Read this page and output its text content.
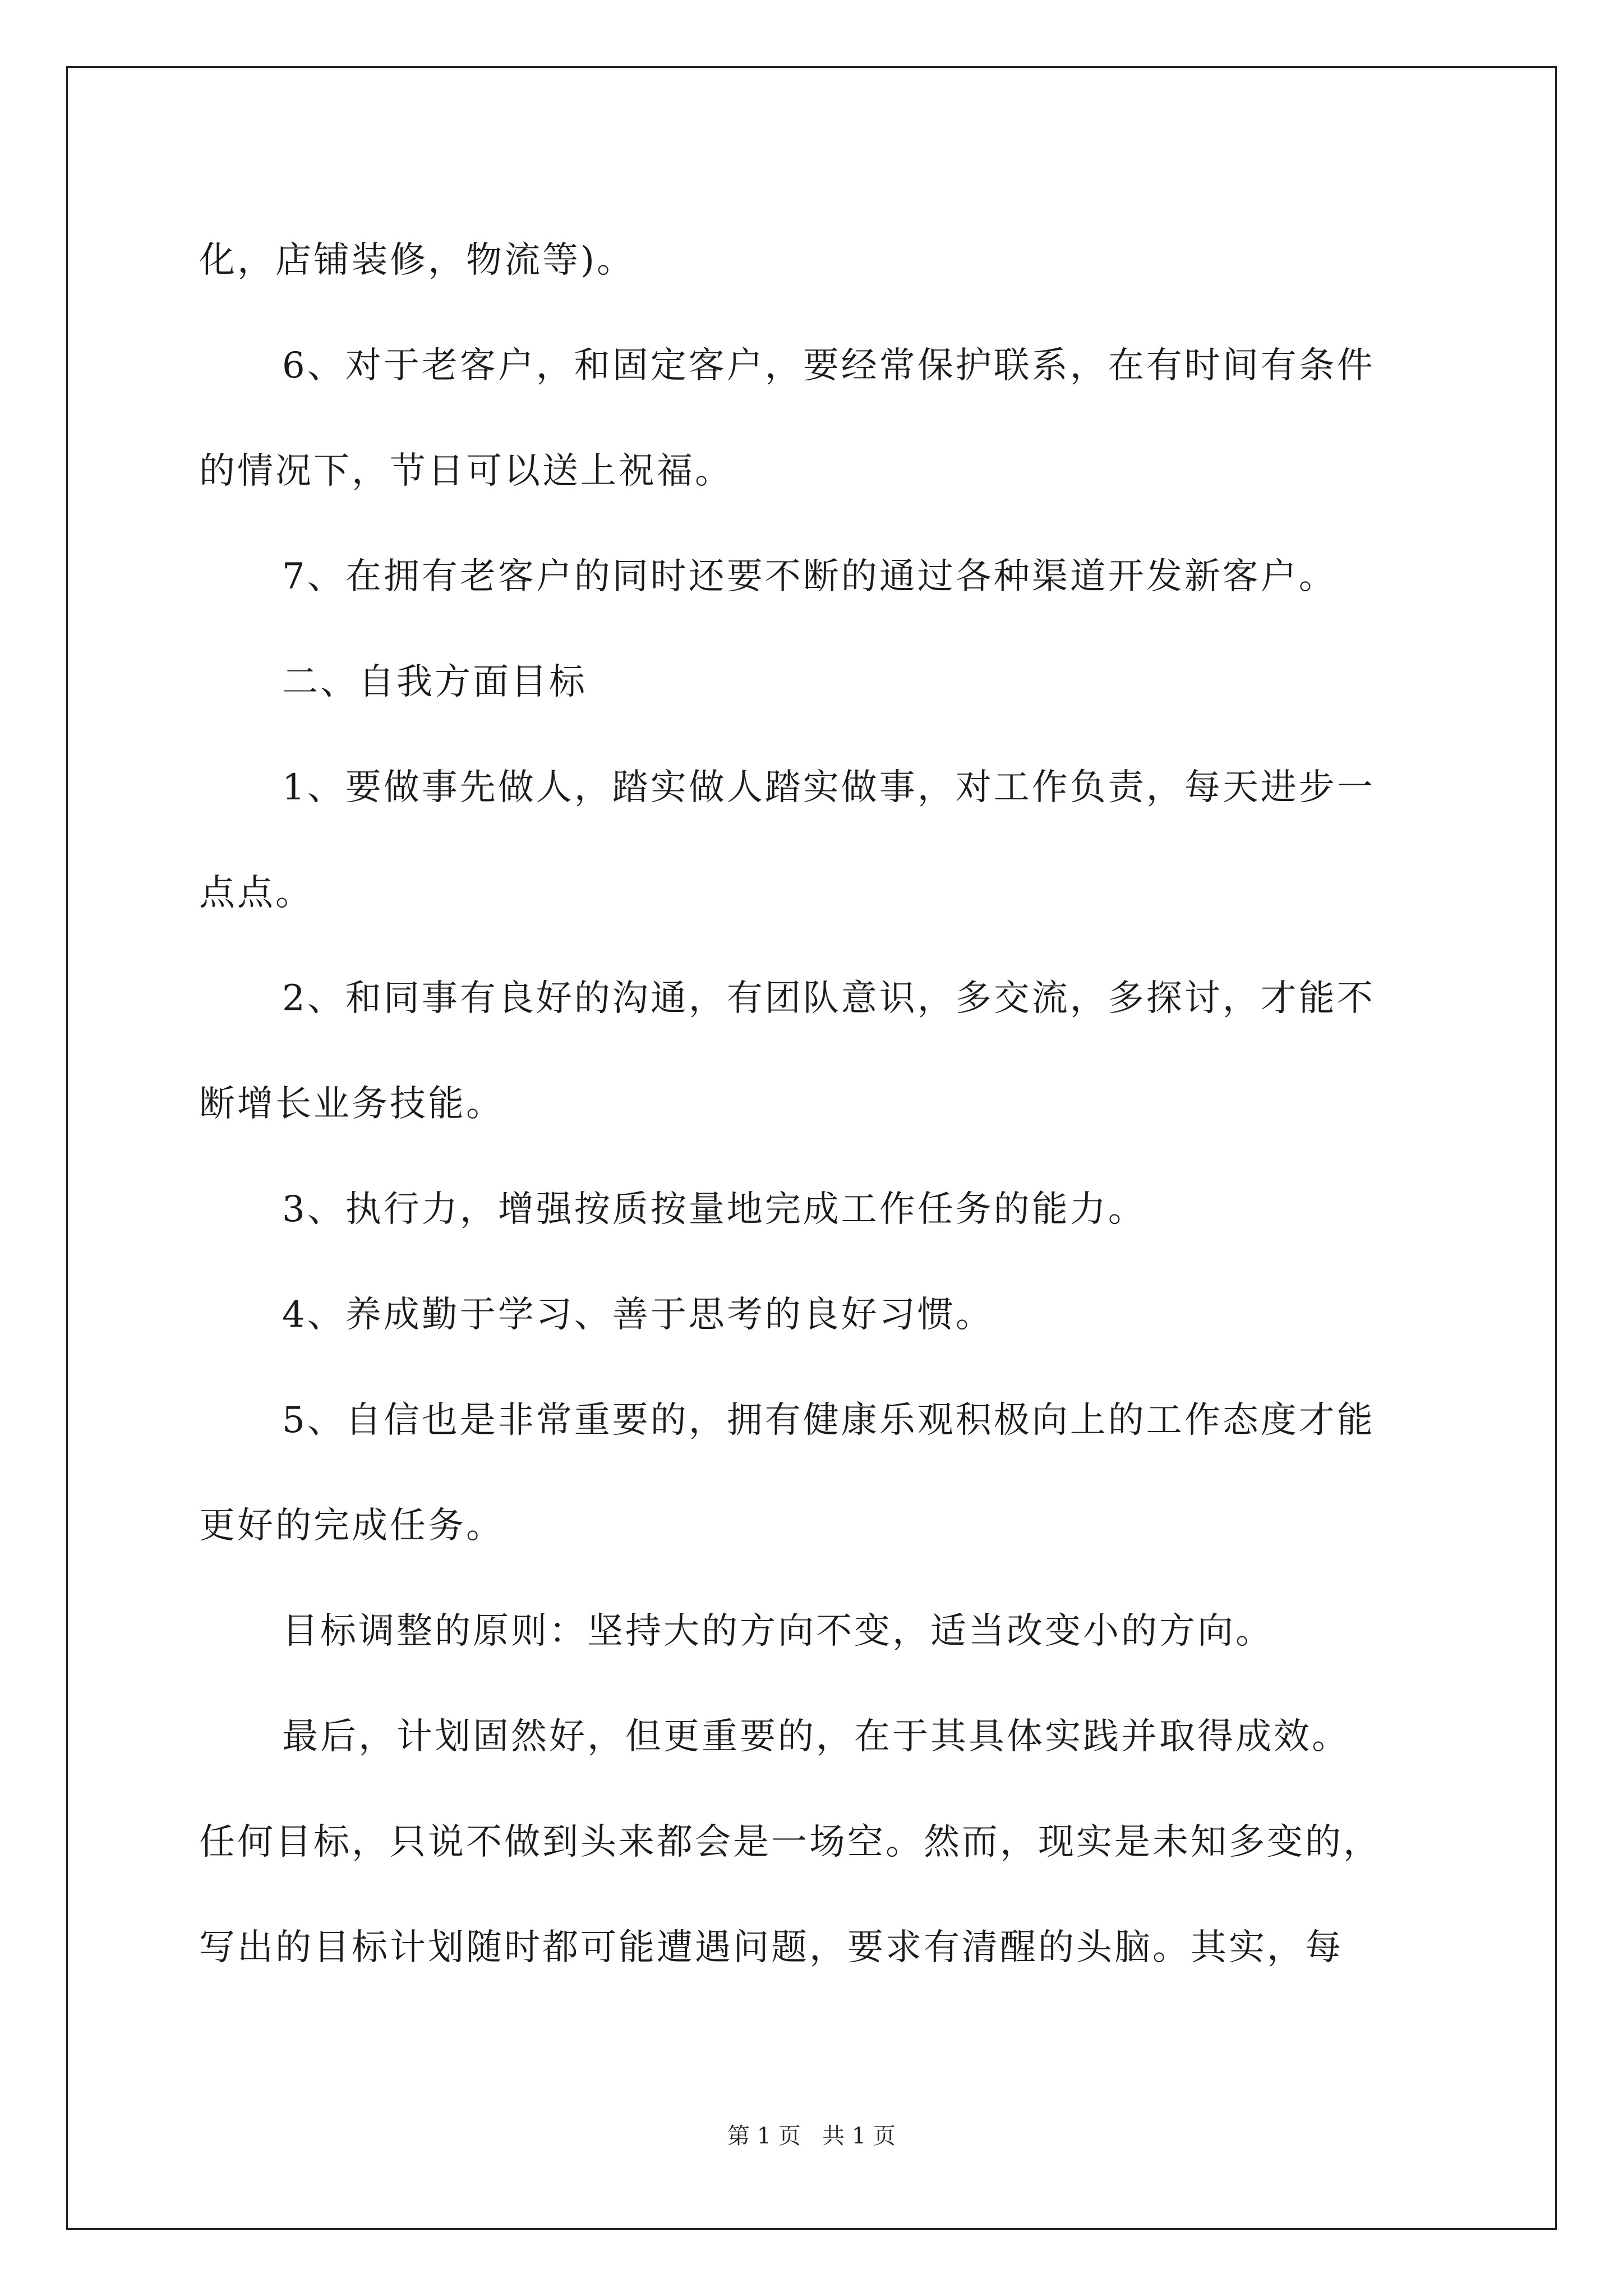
化，店铺装修，物流等)。
6、对于老客户，和固定客户，要经常保护联系，在有时间有条件
的情况下，节日可以送上祝福。
7、在拥有老客户的同时还要不断的通过各种渠道开发新客户。
二、自我方面目标
1、要做事先做人，踏实做人踏实做事，对工作负责，每天进步一
点点。
2、和同事有良好的沟通，有团队意识，多交流，多探讨，才能不
断增长业务技能。
3、执行力，增强按质按量地完成工作任务的能力。
4、养成勤于学习、善于思考的良好习惯。
5、自信也是非常重要的，拥有健康乐观积极向上的工作态度才能
更好的完成任务。
目标调整的原则：坚持大的方向不变，适当改变小的方向。
最后，计划固然好，但更重要的，在于其具体实践并取得成效。
任何目标，只说不做到头来都会是一场空。然而，现实是未知多变的，
写出的目标计划随时都可能遭遇问题，要求有清醒的头脑。其实，每
第 1 页   共 1 页
